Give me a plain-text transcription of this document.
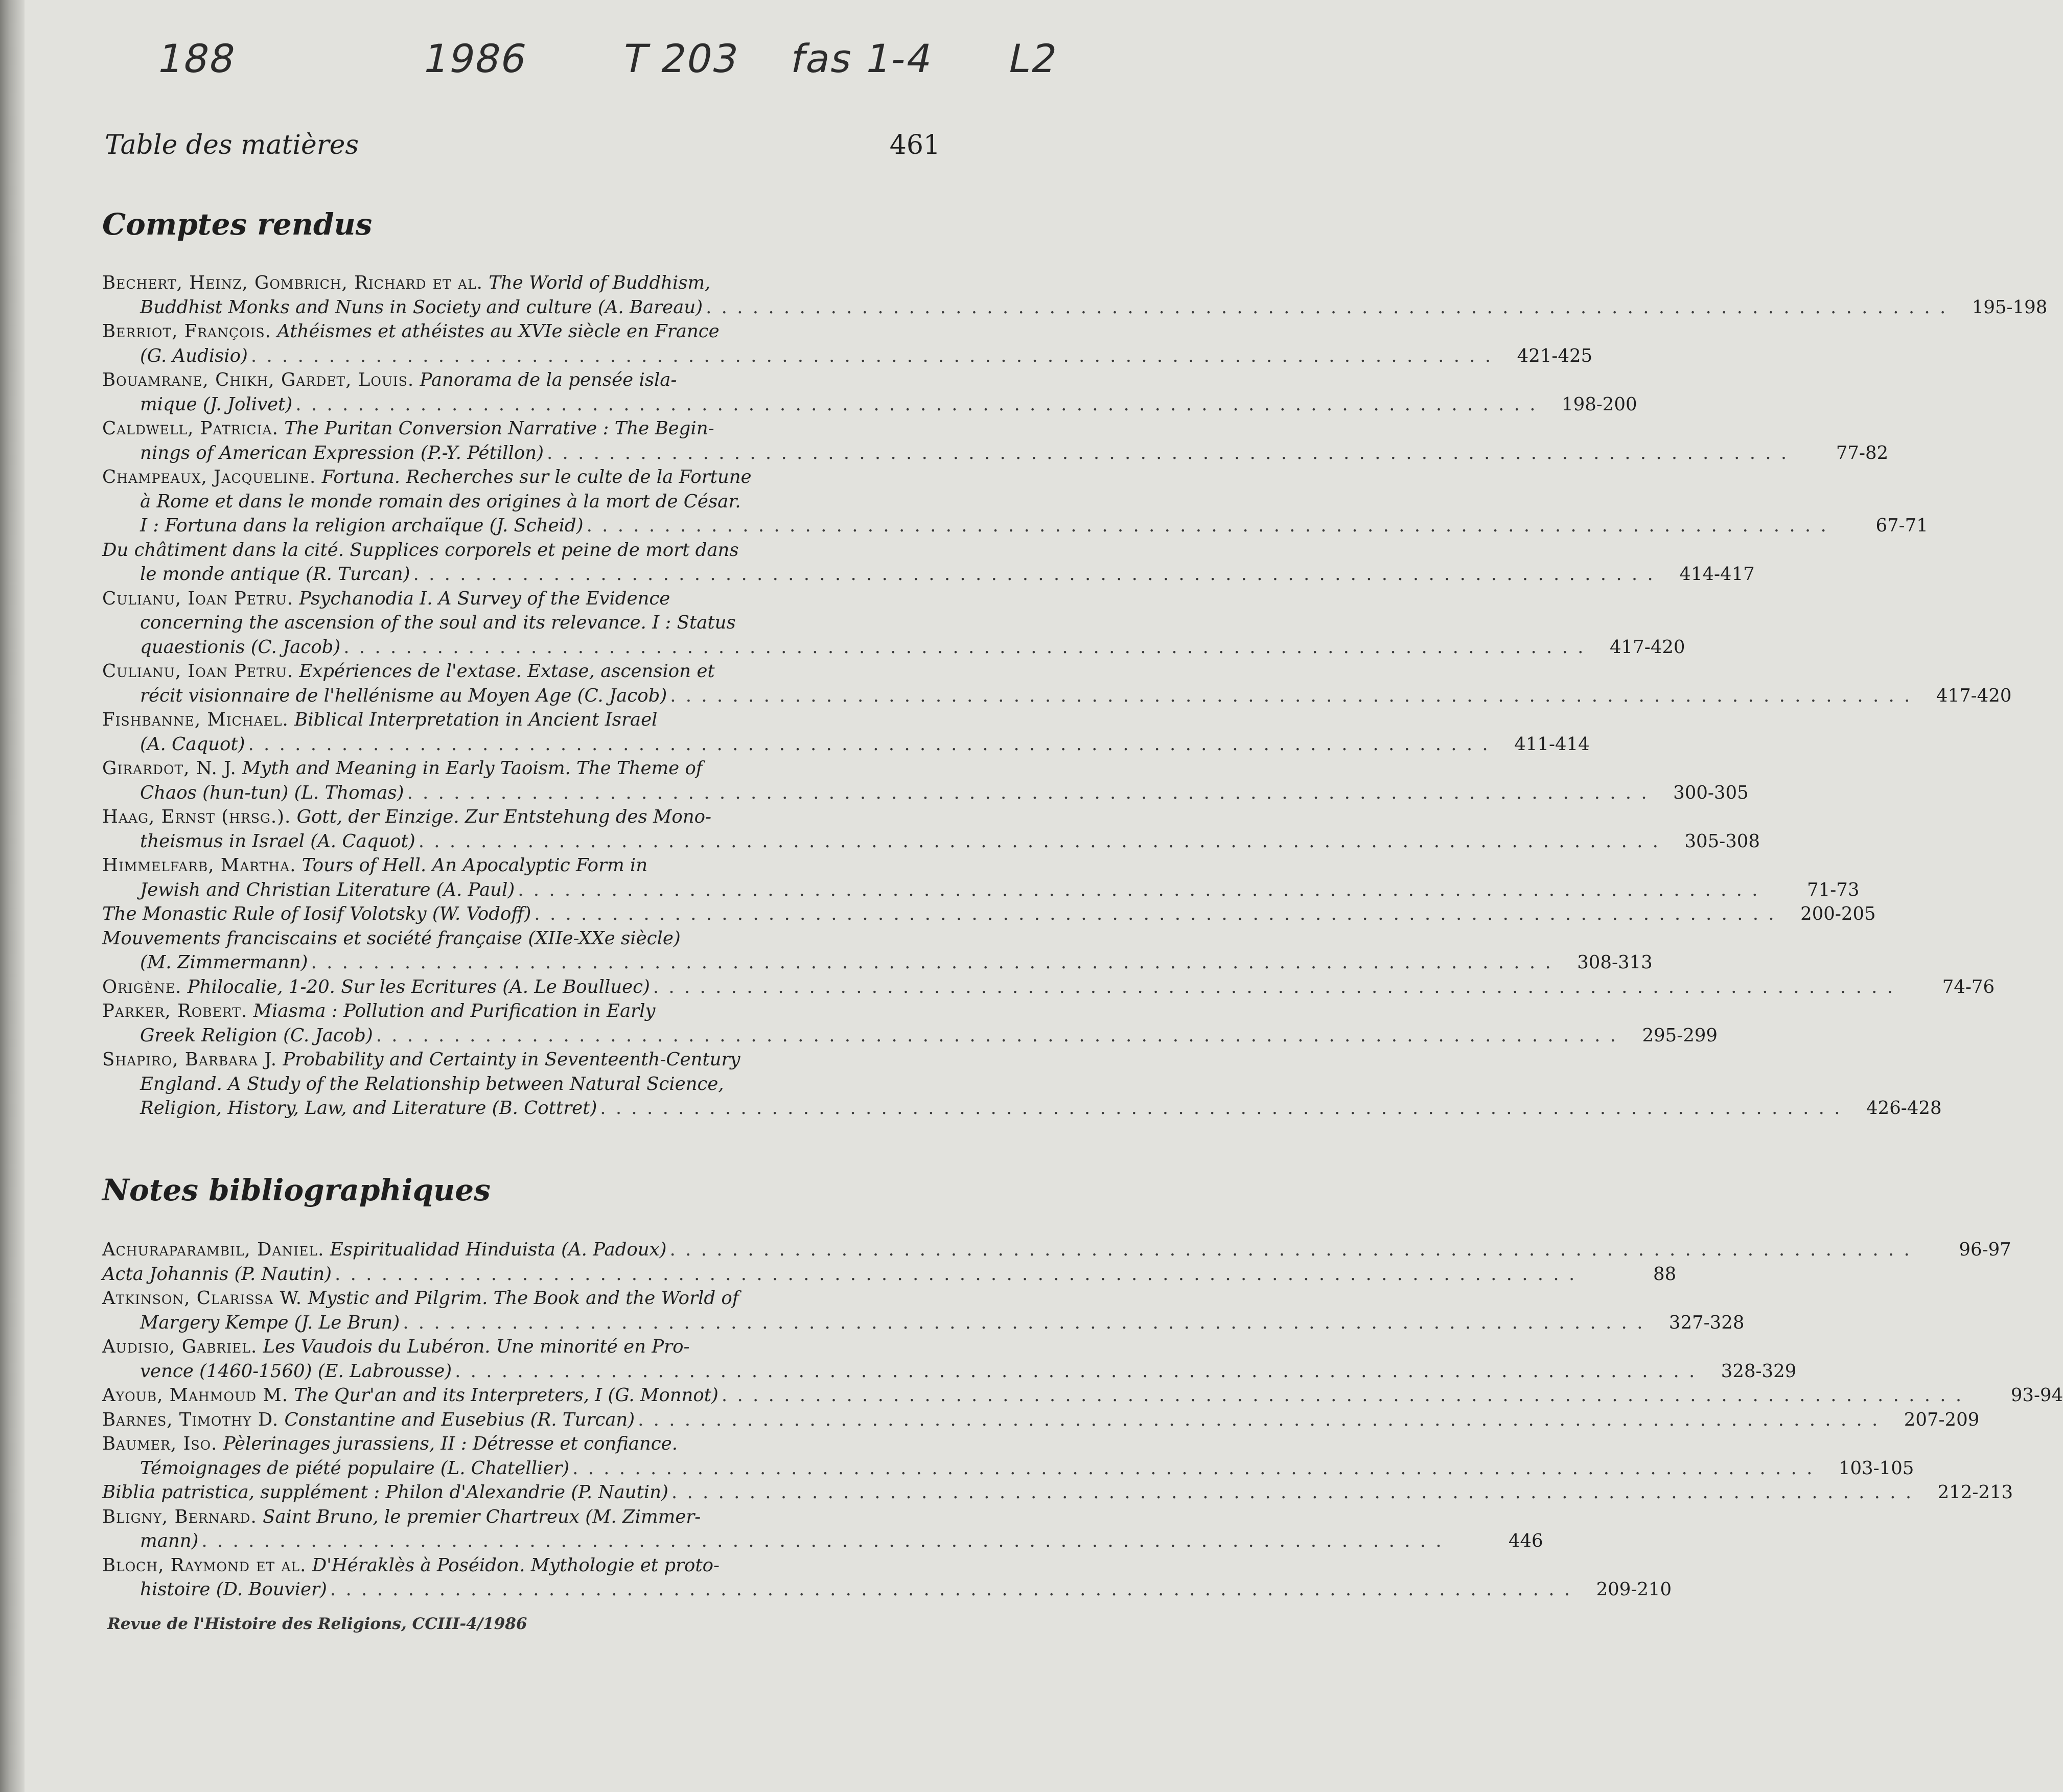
188	1986 T 203 fas 1-4 L2
Table des matières	461
Comptes rendus
Bechert, Heinz, Gombrich, Richard et al.
The World of Buddhism,
Buddhist Monks and Nuns in Society and culture (A. Bareau) . . . . . . . . . . . . . . . . . . . . . . . . . . . . . . . . . . . . . . . . . . . . . . . . . . . . . . . . . . . . . . . . . . . . . . . . . . . . . . . .	195-198
Berriot, François.
Athéismes et athéistes au XVIe siècle en France
(G. Audisio) . . . . . . . . . . . . . . . . . . . . . . . . . . . . . . . . . . . . . . . . . . . . . . . . . . . . . . . . . . . . . . . . . . . . . . . . . . . . . . . .	421-425
Bouamrane, Chikh, Gardet, Louis.
Panorama de la pensée isla-
mique (J. Jolivet) . . . . . . . . . . . . . . . . . . . . . . . . . . . . . . . . . . . . . . . . . . . . . . . . . . . . . . . . . . . . . . . . . . . . . . . . . . . . . . . .	198-200
Caldwell, Patricia.
The Puritan Conversion Narrative : The Begin-
nings of American Expression (P.-Y. Pétillon) . . . . . . . . . . . . . . . . . . . . . . . . . . . . . . . . . . . . . . . . . . . . . . . . . . . . . . . . . . . . . . . . . . . . . . . . . . . . . . . .	77-82
Champeaux, Jacqueline.
Fortuna. Recherches sur le culte de la Fortune
à Rome et dans le monde romain des origines à la mort de César.
I : Fortuna dans la religion archaïque (J. Scheid) . . . . . . . . . . . . . . . . . . . . . . . . . . . . . . . . . . . . . . . . . . . . . . . . . . . . . . . . . . . . . . . . . . . . . . . . . . . . . . . .	67-71
Du châtiment dans la cité. Supplices corporels et peine de mort dans
le monde antique (R. Turcan) . . . . . . . . . . . . . . . . . . . . . . . . . . . . . . . . . . . . . . . . . . . . . . . . . . . . . . . . . . . . . . . . . . . . . . . . . . . . . . . .	414-417
Culianu, Ioan Petru.
Psychanodia I. A Survey of the Evidence
concerning the ascension of the soul and its relevance. I : Status
quaestionis (C. Jacob) . . . . . . . . . . . . . . . . . . . . . . . . . . . . . . . . . . . . . . . . . . . . . . . . . . . . . . . . . . . . . . . . . . . . . . . . . . . . . . . .	417-420
Culianu, Ioan Petru.
Expériences de l'extase. Extase, ascension et
récit visionnaire de l'hellénisme au Moyen Age (C. Jacob) . . . . . . . . . . . . . . . . . . . . . . . . . . . . . . . . . . . . . . . . . . . . . . . . . . . . . . . . . . . . . . . . . . . . . . . . . . . . . . . .	417-420
Fishbanne, Michael.
Biblical Interpretation in Ancient Israel
(A. Caquot) . . . . . . . . . . . . . . . . . . . . . . . . . . . . . . . . . . . . . . . . . . . . . . . . . . . . . . . . . . . . . . . . . . . . . . . . . . . . . . . .	411-414
Girardot, N. J.
Myth and Meaning in Early Taoism. The Theme of
Chaos (hun-tun) (L. Thomas) . . . . . . . . . . . . . . . . . . . . . . . . . . . . . . . . . . . . . . . . . . . . . . . . . . . . . . . . . . . . . . . . . . . . . . . . . . . . . . . .	300-305
Haag, Ernst (hrsg.).
Gott, der Einzige. Zur Entstehung des Mono-
theismus in Israel (A. Caquot) . . . . . . . . . . . . . . . . . . . . . . . . . . . . . . . . . . . . . . . . . . . . . . . . . . . . . . . . . . . . . . . . . . . . . . . . . . . . . . . .	305-308
Himmelfarb, Martha.
Tours of Hell. An Apocalyptic Form in
Jewish and Christian Literature (A. Paul) . . . . . . . . . . . . . . . . . . . . . . . . . . . . . . . . . . . . . . . . . . . . . . . . . . . . . . . . . . . . . . . . . . . . . . . . . . . . . . . .	71-73
The Monastic Rule of Iosif Volotsky (W. Vodoff) . . . . . . . . . . . . . . . . . . . . . . . . . . . . . . . . . . . . . . . . . . . . . . . . . . . . . . . . . . . . . . . . . . . . . . . . . . . . . . . .	200-205
Mouvements franciscains et société française (XIIe-XXe siècle)
(M. Zimmermann) . . . . . . . . . . . . . . . . . . . . . . . . . . . . . . . . . . . . . . . . . . . . . . . . . . . . . . . . . . . . . . . . . . . . . . . . . . . . . . . .	308-313
Origène.
Philocalie, 1-20. Sur les Ecritures (A. Le Boulluec) . . . . . . . . . . . . . . . . . . . . . . . . . . . . . . . . . . . . . . . . . . . . . . . . . . . . . . . . . . . . . . . . . . . . . . . . . . . . . . . .	74-76
Parker, Robert.
Miasma : Pollution and Purification in Early
Greek Religion (C. Jacob) . . . . . . . . . . . . . . . . . . . . . . . . . . . . . . . . . . . . . . . . . . . . . . . . . . . . . . . . . . . . . . . . . . . . . . . . . . . . . . . .	295-299
Shapiro, Barbara J.
Probability and Certainty in Seventeenth-Century
England. A Study of the Relationship between Natural Science,
Religion, History, Law, and Literature (B. Cottret) . . . . . . . . . . . . . . . . . . . . . . . . . . . . . . . . . . . . . . . . . . . . . . . . . . . . . . . . . . . . . . . . . . . . . . . . . . . . . . . .	426-428
Notes bibliographiques
Achuraparambil, Daniel.
Espiritualidad Hinduista (A. Padoux) . . . . . . . . . . . . . . . . . . . . . . . . . . . . . . . . . . . . . . . . . . . . . . . . . . . . . . . . . . . . . . . . . . . . . . . . . . . . . . . .	96-97
Acta Johannis (P. Nautin) . . . . . . . . . . . . . . . . . . . . . . . . . . . . . . . . . . . . . . . . . . . . . . . . . . . . . . . . . . . . . . . . . . . . . . . . . . . . . . . .	88
Atkinson, Clarissa W.
Mystic and Pilgrim. The Book and the World of
Margery Kempe (J. Le Brun) . . . . . . . . . . . . . . . . . . . . . . . . . . . . . . . . . . . . . . . . . . . . . . . . . . . . . . . . . . . . . . . . . . . . . . . . . . . . . . . .	327-328
Audisio, Gabriel.
Les Vaudois du Lubéron. Une minorité en Pro-
vence (1460-1560) (E. Labrousse) . . . . . . . . . . . . . . . . . . . . . . . . . . . . . . . . . . . . . . . . . . . . . . . . . . . . . . . . . . . . . . . . . . . . . . . . . . . . . . . .	328-329
Ayoub, Mahmoud M.
The Qur'an and its Interpreters, I (G. Monnot) . . . . . . . . . . . . . . . . . . . . . . . . . . . . . . . . . . . . . . . . . . . . . . . . . . . . . . . . . . . . . . . . . . . . . . . . . . . . . . . .	93-94
Barnes, Timothy D.
Constantine and Eusebius (R. Turcan) . . . . . . . . . . . . . . . . . . . . . . . . . . . . . . . . . . . . . . . . . . . . . . . . . . . . . . . . . . . . . . . . . . . . . . . . . . . . . . . .	207-209
Baumer, Iso.
Pèlerinages jurassiens, II : Détresse et confiance.
Témoignages de piété populaire (L. Chatellier) . . . . . . . . . . . . . . . . . . . . . . . . . . . . . . . . . . . . . . . . . . . . . . . . . . . . . . . . . . . . . . . . . . . . . . . . . . . . . . . .	103-105
Biblia patristica, supplément : Philon d'Alexandrie (P. Nautin) . . . . . . . . . . . . . . . . . . . . . . . . . . . . . . . . . . . . . . . . . . . . . . . . . . . . . . . . . . . . . . . . . . . . . . . . . . . . . . . .	212-213
Bligny, Bernard.
Saint Bruno, le premier Chartreux (M. Zimmer-
mann) . . . . . . . . . . . . . . . . . . . . . . . . . . . . . . . . . . . . . . . . . . . . . . . . . . . . . . . . . . . . . . . . . . . . . . . . . . . . . . . .	446
Bloch, Raymond et al.
D'Héraklès à Poséidon. Mythologie et proto-
histoire (D. Bouvier) . . . . . . . . . . . . . . . . . . . . . . . . . . . . . . . . . . . . . . . . . . . . . . . . . . . . . . . . . . . . . . . . . . . . . . . . . . . . . . . .	209-210
Revue de l'Histoire des Religions, CCIII-4/1986
